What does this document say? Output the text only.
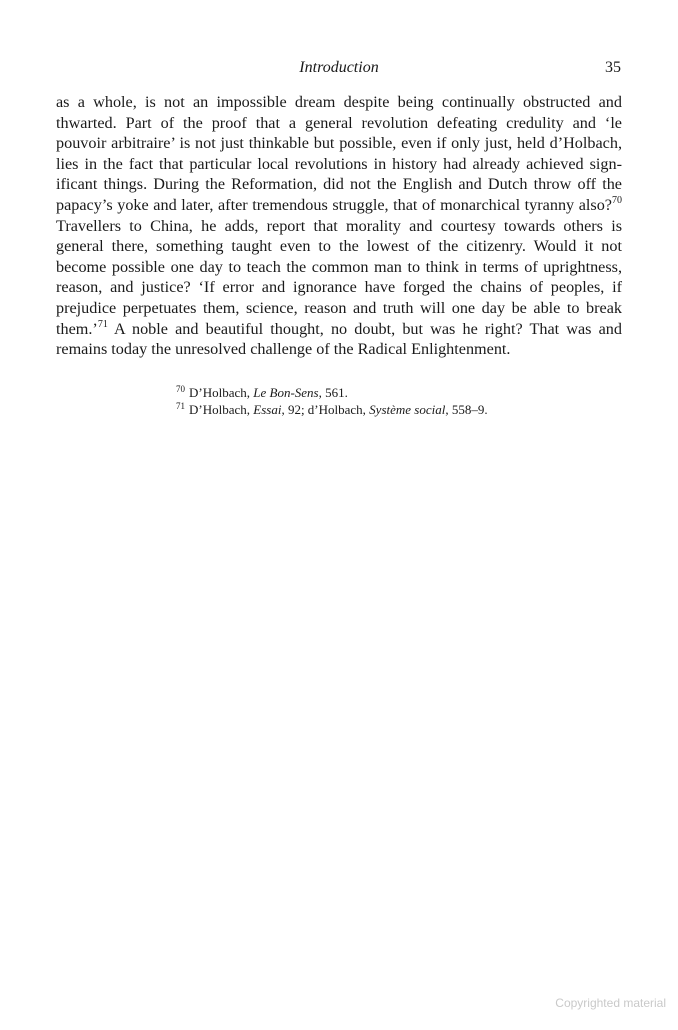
Introduction	35
as a whole, is not an impossible dream despite being continually obstructed and
thwarted. Part of the proof that a general revolution defeating credulity and ‘le
pouvoir arbitraire’ is not just thinkable but possible, even if only just, held d’Holbach,
lies in the fact that particular local revolutions in history had already achieved sign-
ificant things. During the Reformation, did not the English and Dutch throw off the
papacy’s yoke and later, after tremendous struggle, that of monarchical tyranny also?$^{70}$
Travellers to China, he adds, report that morality and courtesy towards others is
general there, something taught even to the lowest of the citizenry. Would it not
become possible one day to teach the common man to think in terms of uprightness,
reason, and justice? ‘If error and ignorance have forged the chains of peoples, if
prejudice perpetuates them, science, reason and truth will one day be able to break
them.’$^{71}$ A noble and beautiful thought, no doubt, but was he right? That was and
remains today the unresolved challenge of the Radical Enlightenment.
$^{70}$ D’Holbach, Le Bon-Sens, 561.
$^{71}$ D’Holbach, Essai, 92; d’Holbach, Système social, 558–9.
Copyrighted material
